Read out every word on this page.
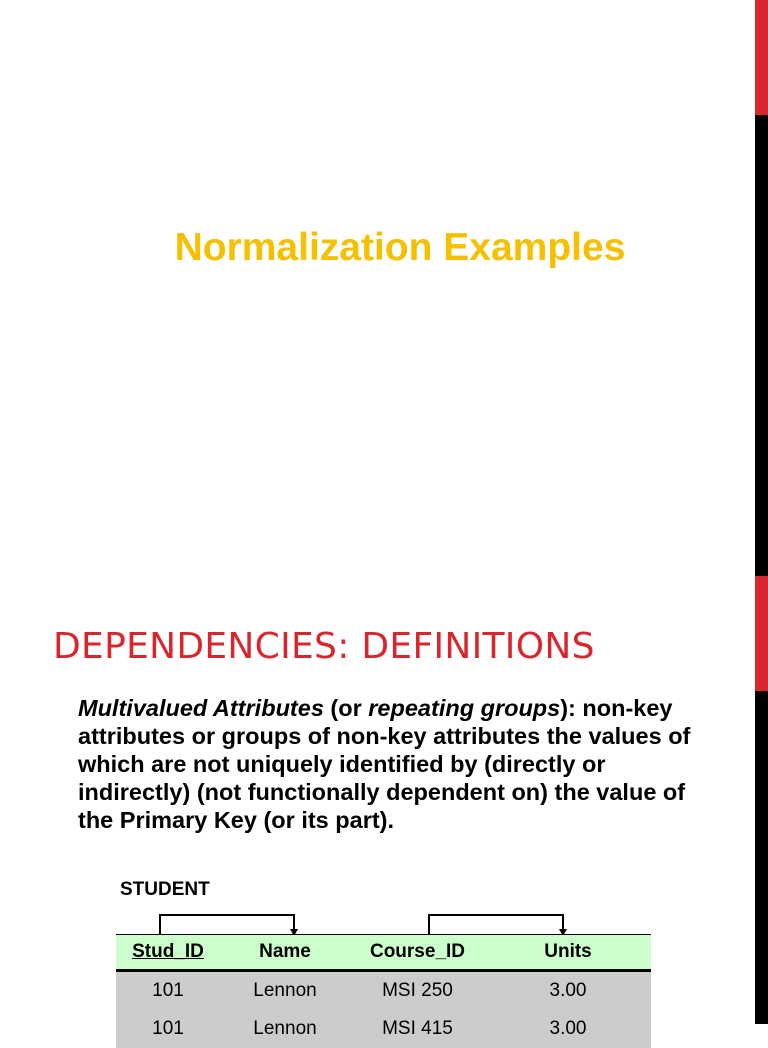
Normalization Examples
DEPENDENCIES: DEFINITIONS
Multivalued Attributes (or repeating groups): non-key attributes or groups of non-key attributes the values of which are not uniquely identified by (directly or indirectly) (not functionally dependent on) the value of the Primary Key (or its part).
STUDENT
Stud_ID	Name	Course_ID	Units
101	Lennon	MSI 250	3.00
101	Lennon	MSI 415	3.00
